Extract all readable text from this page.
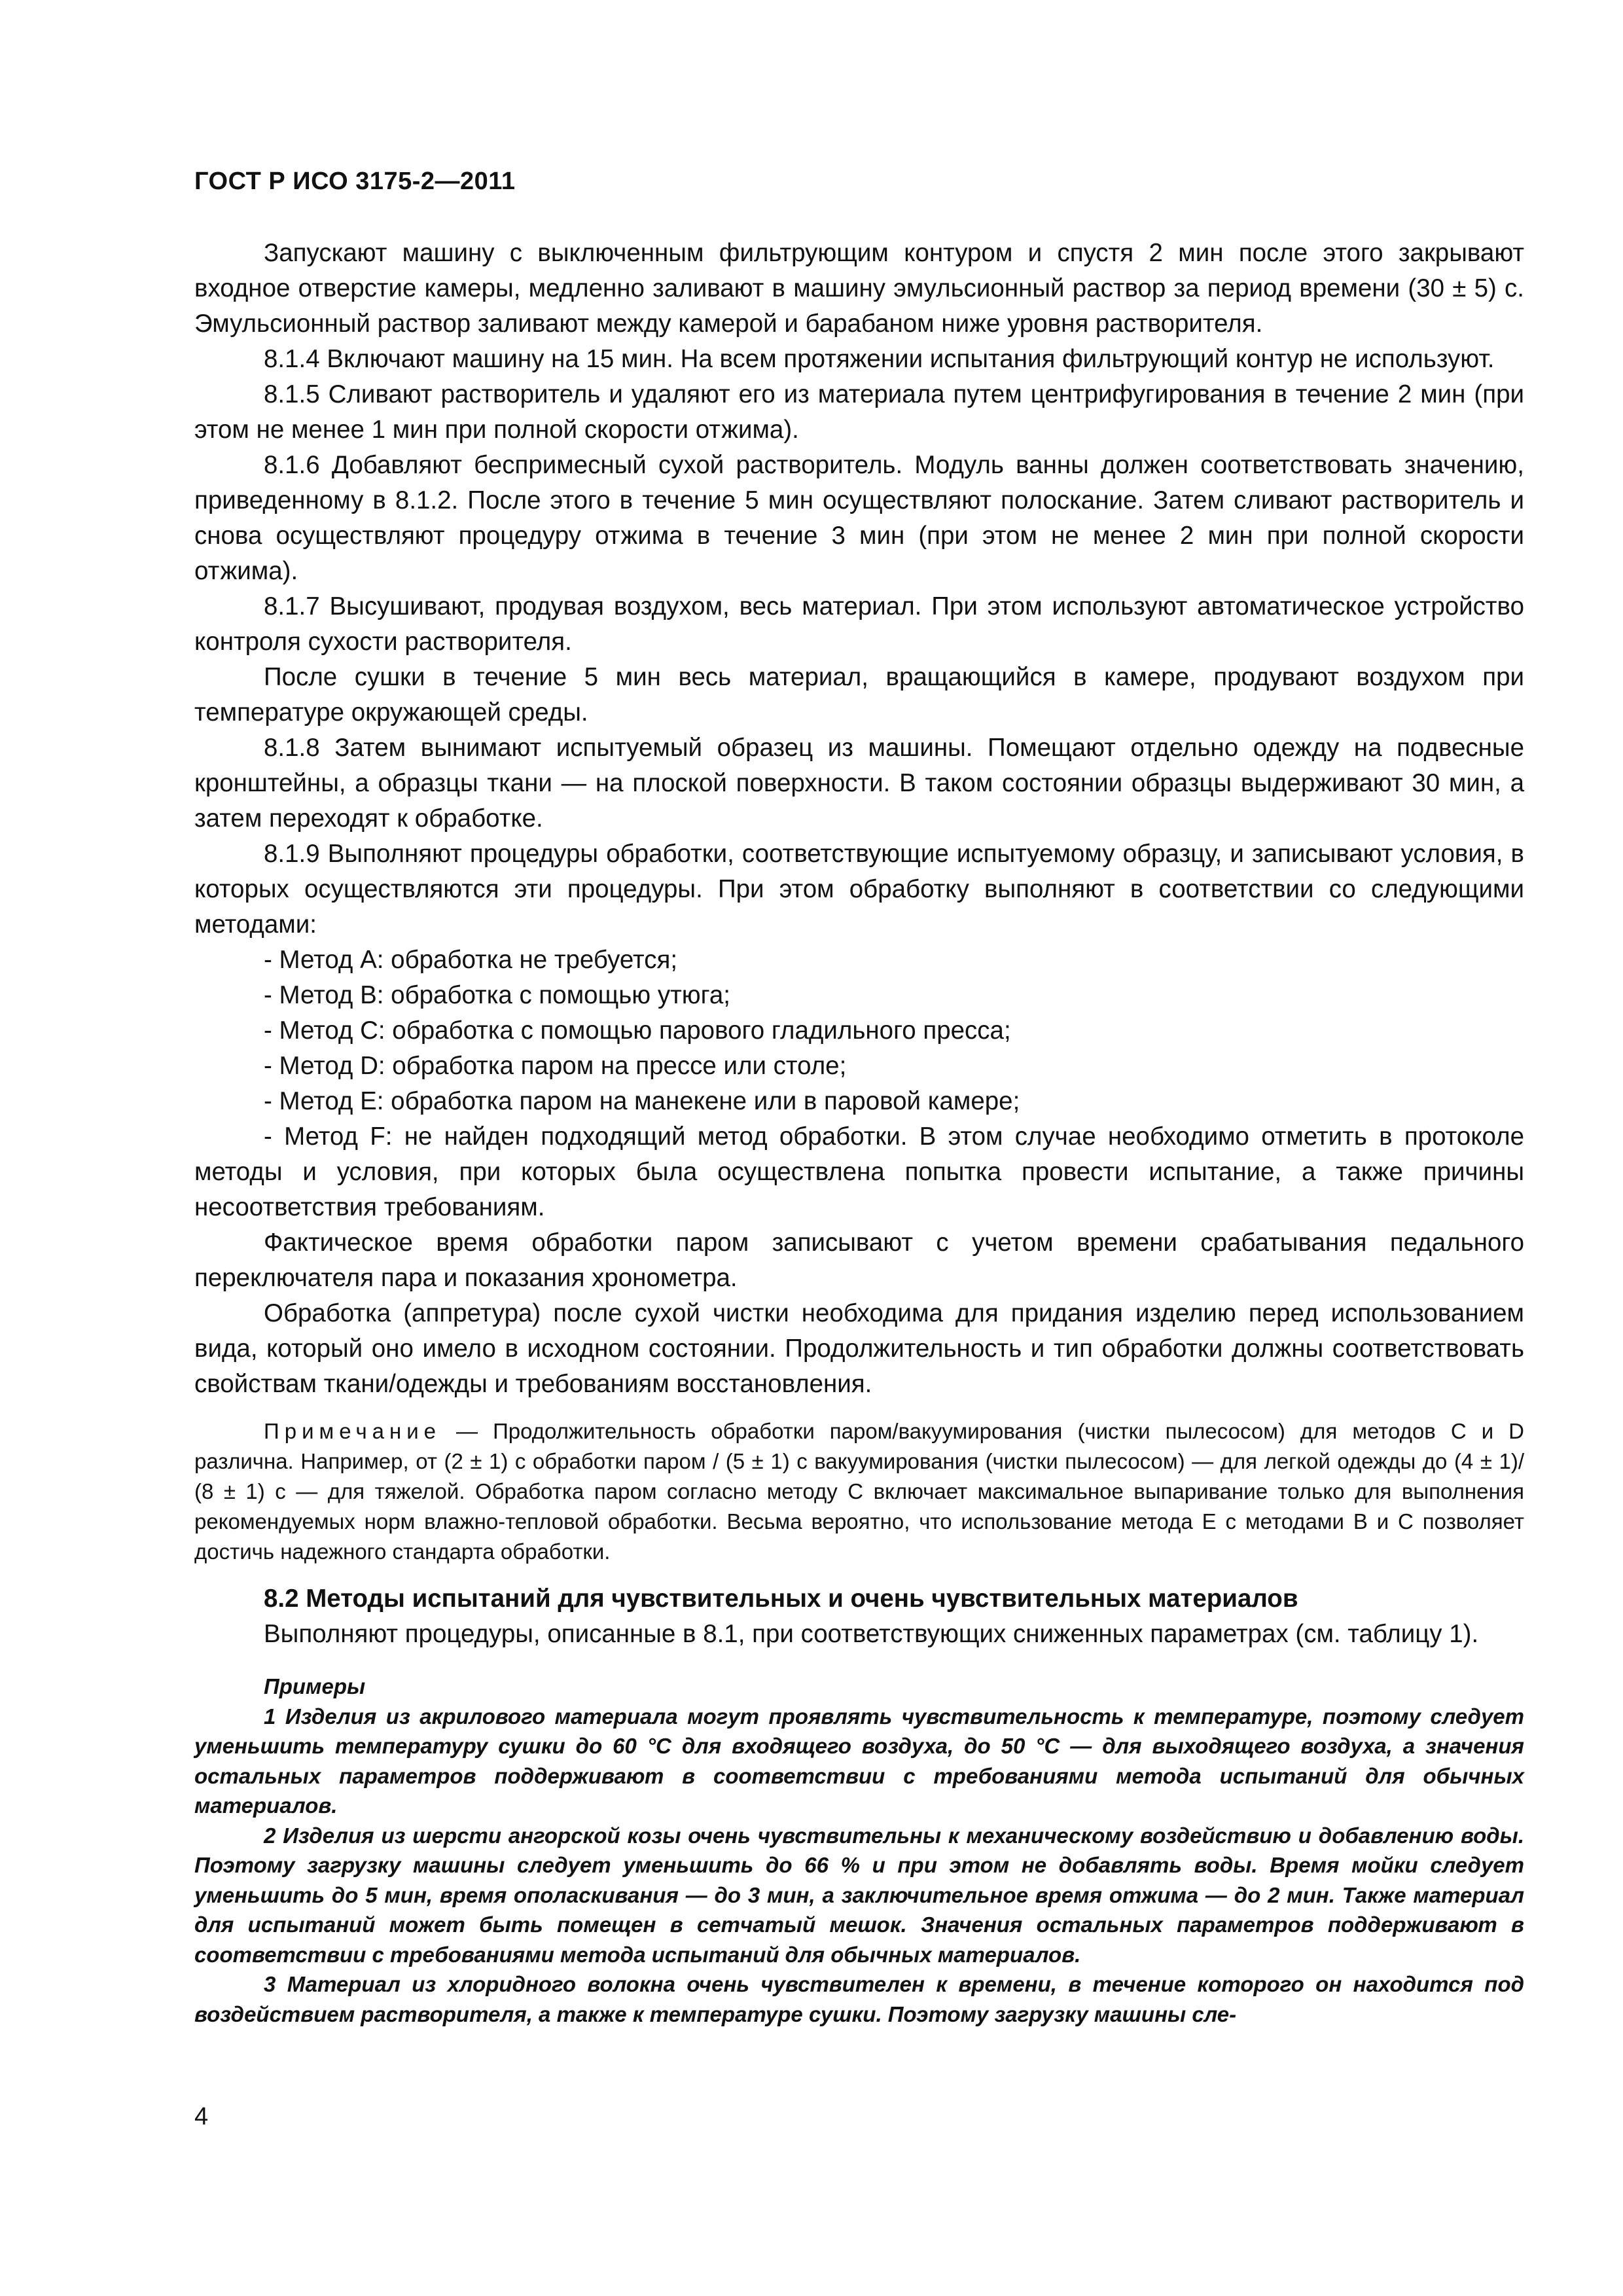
ГОСТ Р ИСО 3175-2—2011

Запускают машину с выключенным фильтрующим контуром и спустя 2 мин после этого закрывают входное отверстие камеры, медленно заливают в машину эмульсионный раствор за период времени (30 ± 5) с. Эмульсионный раствор заливают между камерой и барабаном ниже уровня растворителя.

8.1.4 Включают машину на 15 мин. На всем протяжении испытания фильтрующий контур не используют.

8.1.5 Сливают растворитель и удаляют его из материала путем центрифугирования в течение 2 мин (при этом не менее 1 мин при полной скорости отжима).

8.1.6 Добавляют беспримесный сухой растворитель. Модуль ванны должен соответствовать значению, приведенному в 8.1.2. После этого в течение 5 мин осуществляют полоскание. Затем сливают растворитель и снова осуществляют процедуру отжима в течение 3 мин (при этом не менее 2 мин при полной скорости отжима).

8.1.7 Высушивают, продувая воздухом, весь материал. При этом используют автоматическое устройство контроля сухости растворителя.

После сушки в течение 5 мин весь материал, вращающийся в камере, продувают воздухом при температуре окружающей среды.

8.1.8 Затем вынимают испытуемый образец из машины. Помещают отдельно одежду на подвесные кронштейны, а образцы ткани — на плоской поверхности. В таком состоянии образцы выдерживают 30 мин, а затем переходят к обработке.

8.1.9 Выполняют процедуры обработки, соответствующие испытуемому образцу, и записывают условия, в которых осуществляются эти процедуры. При этом обработку выполняют в соответствии со следующими методами:

- Метод А: обработка не требуется;

- Метод В: обработка с помощью утюга;

- Метод С: обработка с помощью парового гладильного пресса;

- Метод D: обработка паром на прессе или столе;

- Метод Е: обработка паром на манекене или в паровой камере;

- Метод F: не найден подходящий метод обработки. В этом случае необходимо отметить в протоколе методы и условия, при которых была осуществлена попытка провести испытание, а также причины несоответствия требованиям.

Фактическое время обработки паром записывают с учетом времени срабатывания педального переключателя пара и показания хронометра.

Обработка (аппретура) после сухой чистки необходима для придания изделию перед использованием вида, который оно имело в исходном состоянии. Продолжительность и тип обработки должны соответствовать свойствам ткани/одежды и требованиям восстановления.

Примечание — Продолжительность обработки паром/вакуумирования (чистки пылесосом) для методов С и D различна. Например, от (2 ± 1) с обработки паром / (5 ± 1) с вакуумирования (чистки пылесосом) — для легкой одежды до (4 ± 1)/ (8 ± 1) с — для тяжелой. Обработка паром согласно методу С включает максимальное выпаривание только для выполнения рекомендуемых норм влажно-тепловой обработки. Весьма вероятно, что использование метода Е с методами В и С позволяет достичь надежного стандарта обработки.

8.2 Методы испытаний для чувствительных и очень чувствительных материалов

Выполняют процедуры, описанные в 8.1, при соответствующих сниженных параметрах (см. таблицу 1).

Примеры

1 Изделия из акрилового материала могут проявлять чувствительность к температуре, поэтому следует уменьшить температуру сушки до 60 °С для входящего воздуха, до 50 °С — для выходящего воздуха, а значения остальных параметров поддерживают в соответствии с требованиями метода испытаний для обычных материалов.

2 Изделия из шерсти ангорской козы очень чувствительны к механическому воздействию и добавлению воды. Поэтому загрузку машины следует уменьшить до 66 % и при этом не добавлять воды. Время мойки следует уменьшить до 5 мин, время ополаскивания — до 3 мин, а заключительное время отжима — до 2 мин. Также материал для испытаний может быть помещен в сетчатый мешок. Значения остальных параметров поддерживают в соответствии с требованиями метода испытаний для обычных материалов.

3 Материал из хлоридного волокна очень чувствителен к времени, в течение которого он находится под воздействием растворителя, а также к температуре сушки. Поэтому загрузку машины сле-

4
